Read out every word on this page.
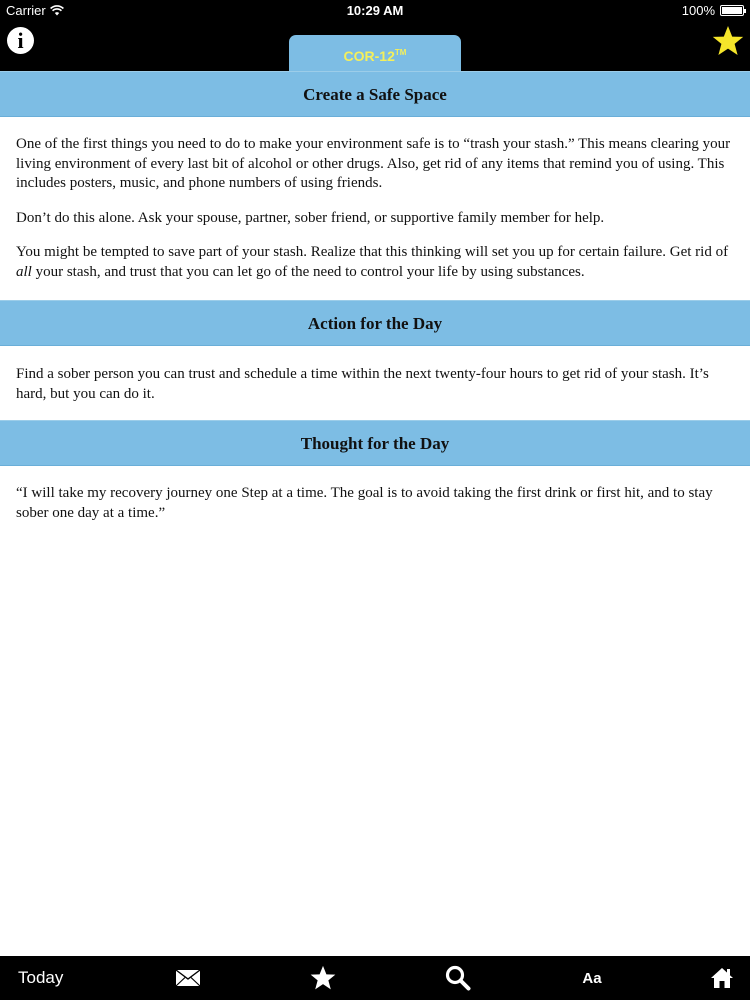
Carrier	10:29 AM	100%
i
COR-12™
Create a Safe Space

One of the first things you need to do to make your environment safe is to “trash your stash.” This means clearing your living environment of every last bit of alcohol or other drugs. Also, get rid of any items that remind you of using. This includes posters, music, and phone numbers of using friends.

Don’t do this alone. Ask your spouse, partner, sober friend, or supportive family member for help.

You might be tempted to save part of your stash. Realize that this thinking will set you up for certain failure. Get rid of all your stash, and trust that you can let go of the need to control your life by using substances.

Action for the Day

Find a sober person you can trust and schedule a time within the next twenty-four hours to get rid of your stash. It’s hard, but you can do it.

Thought for the Day

“I will take my recovery journey one Step at a time. The goal is to avoid taking the first drink or first hit, and to stay sober one day at a time.”

Today	Aa
